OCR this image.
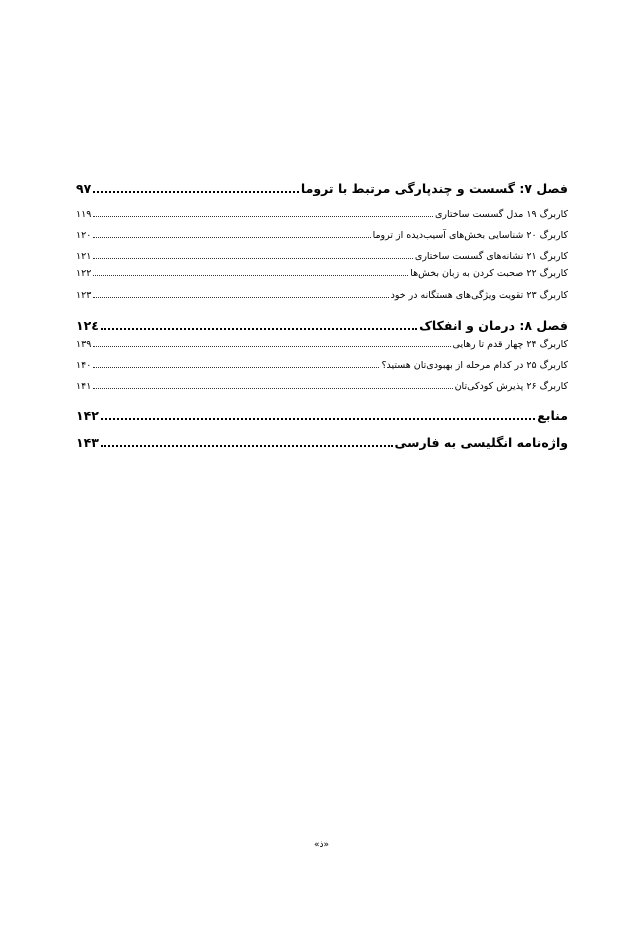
فصل ۷: گسست و چندپارگی مرتبط با تروما
۹۷
کاربرگ ۱۹ مدل گسست ساختاری
۱۱۹
کاربرگ ۲۰ شناسایی بخش‌های آسیب‌دیده از تروما
۱۲۰
کاربرگ ۲۱ نشانه‌های گسست ساختاری
۱۲۱
کاربرگ ۲۲ صحبت کردن به زبان بخش‌ها
۱۲۲
کاربرگ ۲۳ تقویت ویژگی‌های هستگانه در خود
۱۲۳
فصل ۸: درمان و انفکاک
۱۲٤
کاربرگ ۲۴ چهار قدم تا رهایی
۱۳۹
کاربرگ ۲۵ در کدام مرحله از بهبودی‌تان هستید؟
۱۴۰
کاربرگ ۲۶ پذیرش کودکی‌تان
۱۴۱
منابع
۱۴۲
واژه‌نامه انگلیسی به فارسی
۱۴۳
«ذ»
